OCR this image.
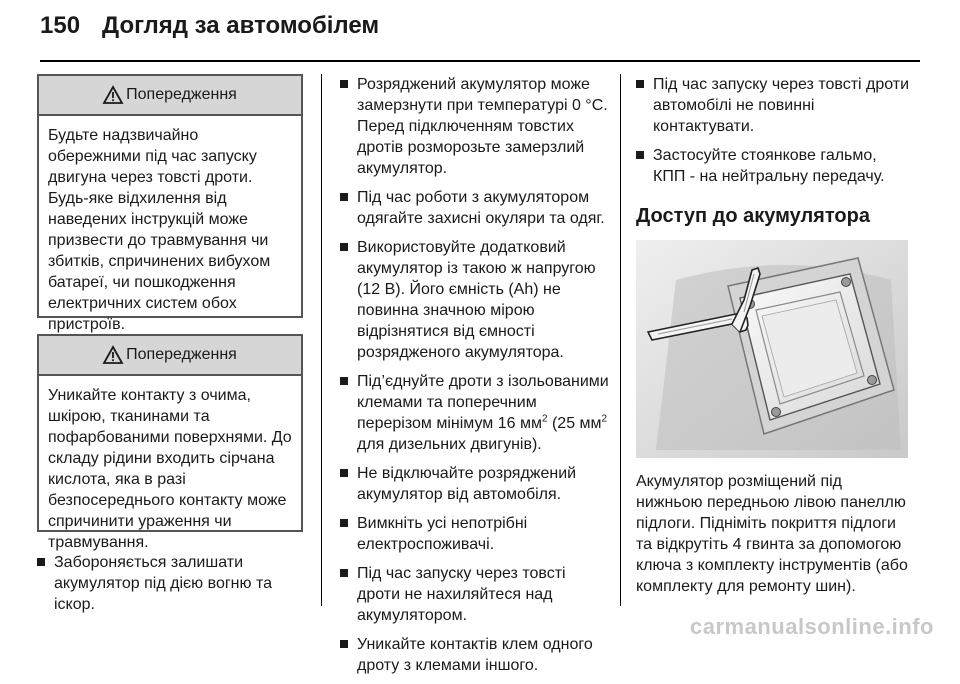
150 Догляд за автомобілем
Попередження
Будьте надзвичайно обережними під час запуску двигуна через товсті дроти. Будь-яке відхилення від наведених інструкцій може призвести до травмування чи збитків, спричинених вибухом батареї, чи пошкодження електричних систем обох пристроїв.
Попередження
Уникайте контакту з очима, шкірою, тканинами та пофарбованими поверхнями. До складу рідини входить сірчана кислота, яка в разі безпосереднього контакту може спричинити ураження чи травмування.
Забороняється залишати акумулятор під дією вогню та іскор.
Розряджений акумулятор може замерзнути при температурі 0 °C. Перед підключенням товстих дротів розморозьте замерзлий акумулятор.
Під час роботи з акумулятором одягайте захисні окуляри та одяг.
Використовуйте додатковий акумулятор із такою ж напругою (12 В). Його ємність (Ah) не повинна значною мірою відрізнятися від ємності розрядженого акумулятора.
Під’єднуйте дроти з ізольованими клемами та поперечним перерізом мінімум 16 $мм^2$ (25 $мм^2$ для дизельних двигунів).
Не відключайте розряджений акумулятор від автомобіля.
Вимкніть усі непотрібні електроспоживачі.
Під час запуску через товсті дроти не нахиляйтеся над акумулятором.
Уникайте контактів клем одного дроту з клемами іншого.
Під час запуску через товсті дроти автомобілі не повинні контактувати.
Застосуйте стоянкове гальмо, КПП - на нейтральну передачу.
Доступ до акумулятора
Акумулятор розміщений під нижньою передньою лівою панеллю підлоги. Підніміть покриття підлоги та відкрутіть 4 гвинта за допомогою ключа з комплекту інструментів (або комплекту для ремонту шин).
carmanualsonline.info
